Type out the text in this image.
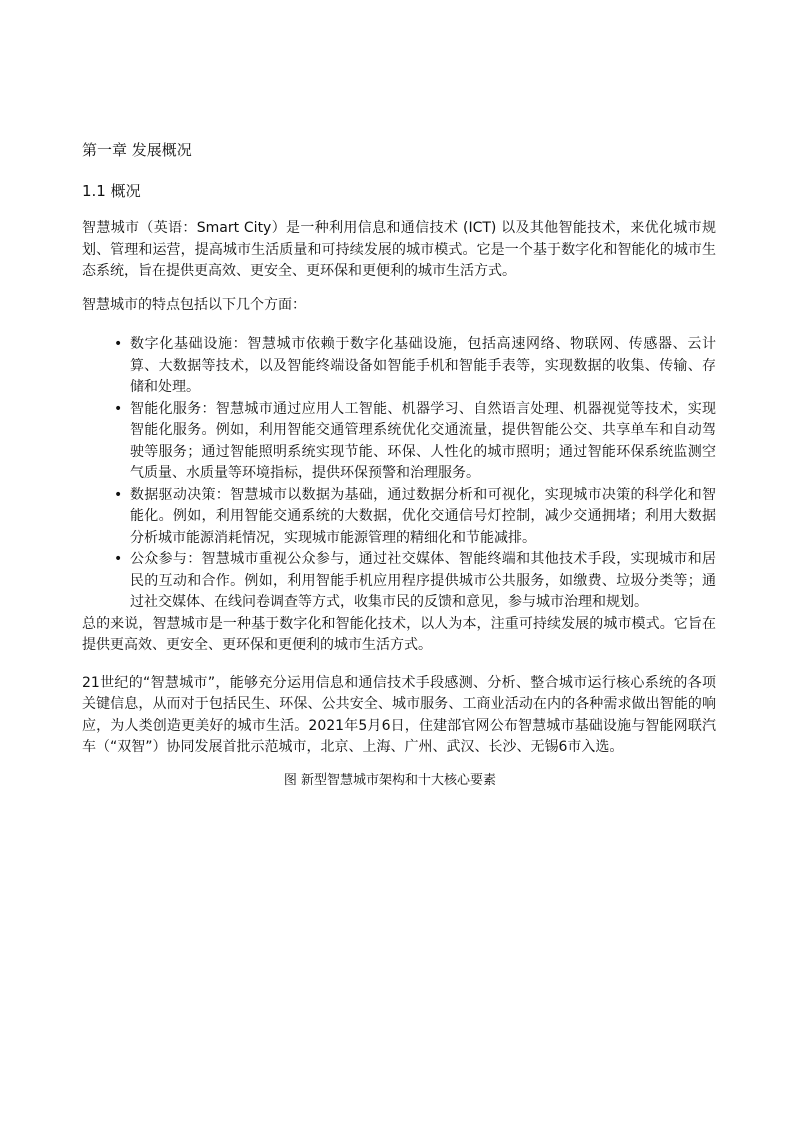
第一章 发展概况
1.1 概况

智慧城市（英语：Smart City）是一种利用信息和通信技术 (ICT) 以及其他智能技术，来优化城市规划、管理和运营，提高城市生活质量和可持续发展的城市模式。它是一个基于数字化和智能化的城市生态系统，旨在提供更高效、更安全、更环保和更便利的城市生活方式。

智慧城市的特点包括以下几个方面：

• 数字化基础设施：智慧城市依赖于数字化基础设施，包括高速网络、物联网、传感器、云计算、大数据等技术，以及智能终端设备如智能手机和智能手表等，实现数据的收集、传输、存储和处理。
• 智能化服务：智慧城市通过应用人工智能、机器学习、自然语言处理、机器视觉等技术，实现智能化服务。例如，利用智能交通管理系统优化交通流量，提供智能公交、共享单车和自动驾驶等服务；通过智能照明系统实现节能、环保、人性化的城市照明；通过智能环保系统监测空气质量、水质量等环境指标，提供环保预警和治理服务。
• 数据驱动决策：智慧城市以数据为基础，通过数据分析和可视化，实现城市决策的科学化和智能化。例如，利用智能交通系统的大数据，优化交通信号灯控制，减少交通拥堵；利用大数据分析城市能源消耗情况，实现城市能源管理的精细化和节能减排。
• 公众参与：智慧城市重视公众参与，通过社交媒体、智能终端和其他技术手段，实现城市和居民的互动和合作。例如，利用智能手机应用程序提供城市公共服务，如缴费、垃圾分类等；通过社交媒体、在线问卷调查等方式，收集市民的反馈和意见，参与城市治理和规划。

总的来说，智慧城市是一种基于数字化和智能化技术，以人为本，注重可持续发展的城市模式。它旨在提供更高效、更安全、更环保和更便利的城市生活方式。

21世纪的“智慧城市”，能够充分运用信息和通信技术手段感测、分析、整合城市运行核心系统的各项关键信息，从而对于包括民生、环保、公共安全、城市服务、工商业活动在内的各种需求做出智能的响应，为人类创造更美好的城市生活。2021年5月6日，住建部官网公布智慧城市基础设施与智能网联汽车（“双智”）协同发展首批示范城市，北京、上海、广州、武汉、长沙、无锡6市入选。

图 新型智慧城市架构和十大核心要素
